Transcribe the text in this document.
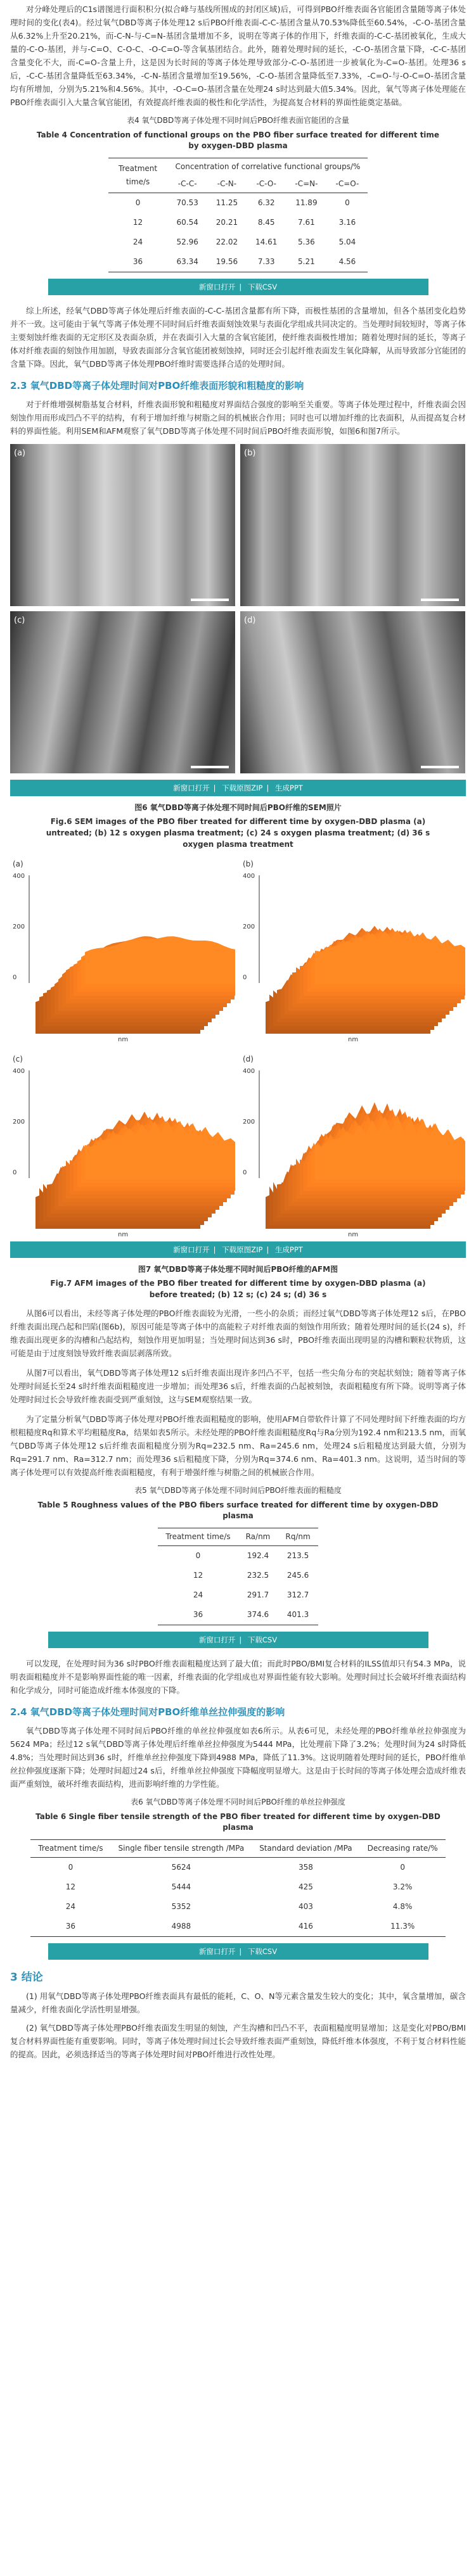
对分峰处理后的C1s谱图进行面积积分(拟合峰与基线所围成的封闭区域)后，可得到PBO纤维表面各官能团含量随等离子体处理时间的变化(表4)。经过氧气DBD等离子体处理12 s后PBO纤维表面-C-C-基团含量从70.53%降低至60.54%，-C-O-基团含量从6.32%上升至20.21%，而-C-N-与-C=N-基团含量增加不多，说明在等离子体的作用下，纤维表面的-C-C-基团被氧化，生成大量的-C-O-基团，并与-C=O、C-O-C、-O-C=O-等含氧基团结合。此外，随着处理时间的延长，-C-O-基团含量下降，-C-C-基团含量变化不大，而-C=O-含量上升，这是因为长时间的等离子体处理导致部分-C-O-基团进一步被氧化为-C=O-基团。处理36 s后，-C-C-基团含量降低至63.34%，-C-N-基团含量增加至19.56%，-C-O-基团含量降低至7.33%，-C=O-与-O-C=O-基团含量均有所增加，分别为5.21%和4.56%。其中，-O-C=O-基团含量在处理24 s时达到最大值5.34%。因此，氧气等离子体处理能在PBO纤维表面引入大量含氧官能团，有效提高纤维表面的极性和化学活性，为提高复合材料的界面性能奠定基础。

表4 氧气DBD等离子体处理不同时间后PBO纤维表面官能团的含量
Table 4 Concentration of functional groups on the PBO fiber surface treated for different time by oxygen-DBD plasma
Treatment time/s	Concentration of correlative functional groups/%				
	-C-C-	-C-N-	-C-O-	-C=N-	-C=O-
0	70.53	11.25	6.32	11.89	0
12	60.54	20.21	8.45	7.61	3.16
24	52.96	22.02	14.61	5.36	5.04
36	63.34	19.56	7.33	5.21	4.56
新窗口打开 | 下载CSV

综上所述，经氧气DBD等离子体处理后纤维表面的-C-C-基团含量都有所下降，而极性基团的含量增加，但各个基团变化趋势并不一致。这可能由于氧气等离子体处理不同时间后纤维表面刻蚀效果与表面化学组成共同决定的。当处理时间较短时，等离子体主要刻蚀纤维表面的无定形区及表面杂质，并在表面引入大量的含氧官能团，使纤维表面极性增加；随着处理时间的延长，等离子体对纤维表面的刻蚀作用加剧，导致表面部分含氧官能团被刻蚀掉，同时还会引起纤维表面发生氧化降解，从而导致部分官能团的含量下降。因此，氧气DBD等离子体处理PBO纤维时需要选择合适的处理时间。

2.3 氧气DBD等离子体处理时间对PBO纤维表面形貌和粗糙度的影响

对于纤维增强树脂基复合材料，纤维表面形貌和粗糙度对界面结合强度的影响至关重要。等离子体处理过程中，纤维表面会因刻蚀作用而形成凹凸不平的结构，有利于增加纤维与树脂之间的机械嵌合作用；同时也可以增加纤维的比表面积，从而提高复合材料的界面性能。利用SEM和AFM观察了氧气DBD等离子体处理不同时间后PBO纤维表面形貌，如图6和图7所示。

(a)	(b)
(c)	(d)
新窗口打开 | 下载原图ZIP | 生成PPT
图6 氧气DBD等离子体处理不同时间后PBO纤维的SEM照片
Fig.6 SEM images of the PBO fiber treated for different time by oxygen-DBD plasma (a) untreated; (b) 12 s oxygen plasma treatment; (c) 24 s oxygen plasma treatment; (d) 36 s oxygen plasma treatment
(a)
400
200
0
nm
(b)
400
200
0
nm
(c)
400
200
0
nm
(d)
400
200
0
nm
新窗口打开 | 下载原图ZIP | 生成PPT
图7 氧气DBD等离子体处理不同时间后PBO纤维的AFM图
Fig.7 AFM images of the PBO fiber treated for different time by oxygen-DBD plasma (a) before treated; (b) 12 s; (c) 24 s; (d) 36 s

从图6可以看出，未经等离子体处理的PBO纤维表面较为光滑，一些小的杂质；而经过氧气DBD等离子体处理12 s后，在PBO纤维表面出现凸起和凹陷(图6b)，原因可能是等离子体中的高能粒子对纤维表面的刻蚀作用所致；随着处理时间的延长(24 s)，纤维表面出现更多的沟槽和凸起结构，刻蚀作用更加明显；当处理时间达到36 s时，PBO纤维表面出现明显的沟槽和颗粒状物质，这可能是由于过度刻蚀导致纤维表面层剥落所致。

从图7可以看出，氧气DBD等离子体处理12 s后纤维表面出现许多凹凸不平，包括一些尖角分布的突起状刻蚀；随着等离子体处理时间延长至24 s时纤维表面粗糙度进一步增加；而处理36 s后，纤维表面的凸起被刻蚀，表面粗糙度有所下降。说明等离子体处理时间过长会导致纤维表面受到严重刻蚀，这与SEM观察结果一致。

为了定量分析氧气DBD等离子体处理对PBO纤维表面粗糙度的影响，使用AFM自带软件计算了不同处理时间下纤维表面的均方根粗糙度Rq和算术平均粗糙度Ra，结果如表5所示。未经处理的PBO纤维表面粗糙度Rq与Ra分别为192.4 nm和213.5 nm，而氧气DBD等离子体处理12 s后纤维表面粗糙度分别为Rq=232.5 nm、Ra=245.6 nm，处理24 s后粗糙度达到最大值，分别为Rq=291.7 nm、Ra=312.7 nm；而处理36 s后粗糙度下降，分别为Rq=374.6 nm、Ra=401.3 nm。这说明，适当时间的等离子体处理可以有效提高纤维表面粗糙度，有利于增强纤维与树脂之间的机械嵌合作用。

表5 氧气DBD等离子体处理不同时间后PBO纤维表面的粗糙度
Table 5 Roughness values of the PBO fibers surface treated for different time by oxygen-DBD plasma
Treatment time/s	Ra/nm	Rq/nm
0	192.4	213.5
12	232.5	245.6
24	291.7	312.7
36	374.6	401.3
新窗口打开 | 下载CSV

可以发现，在处理时间为36 s时PBO纤维表面粗糙度达到了最大值；而此时PBO/BMI复合材料的ILSS值却只有54.3 MPa，说明表面粗糙度并不是影响界面性能的唯一因素，纤维表面的化学组成也对界面性能有较大影响。处理时间过长会破坏纤维表面结构和化学成分，同时可能造成纤维本体强度的下降。

2.4 氧气DBD等离子体处理时间对PBO纤维单丝拉伸强度的影响

氧气DBD等离子体处理不同时间后PBO纤维的单丝拉伸强度如表6所示。从表6可见，未经处理的PBO纤维单丝拉伸强度为5624 MPa；经过12 s氧气DBD等离子体处理后纤维单丝拉伸强度为5444 MPa，比处理前下降了3.2%；处理时间为24 s时降低4.8%；当处理时间达到36 s时，纤维单丝拉伸强度下降到4988 MPa，降低了11.3%。这说明随着处理时间的延长，PBO纤维单丝拉伸强度逐渐下降；处理时间超过24 s后，纤维单丝拉伸强度下降幅度明显增大。这是由于长时间的等离子体处理会造成纤维表面严重刻蚀，破坏纤维表面结构，进而影响纤维的力学性能。

表6 氧气DBD等离子体处理不同时间后PBO纤维的单丝拉伸强度
Table 6 Single fiber tensile strength of the PBO fiber treated for different time by oxygen-DBD plasma
Treatment time/s	Single fiber tensile strength /MPa	Standard deviation /MPa	Decreasing rate/%
0	5624	358	0
12	5444	425	3.2%
24	5352	403	4.8%
36	4988	416	11.3%
新窗口打开 | 下载CSV
3 结论
(1) 用氧气DBD等离子体处理PBO纤维表面具有最低的能耗，C、O、N等元素含量发生较大的变化；其中，氧含量增加，碳含量减少，纤维表面化学活性明显增强。
(2) 氧气DBD等离子体处理PBO纤维表面发生明显的刻蚀，产生沟槽和凹凸不平，表面粗糙度明显增加；这是变化对PBO/BMI复合材料界面性能有重要影响。同时，等离子体处理时间过长会导致纤维表面严重刻蚀，降低纤维本体强度，不利于复合材料性能的提高。因此，必须选择适当的等离子体处理时间对PBO纤维进行改性处理。
